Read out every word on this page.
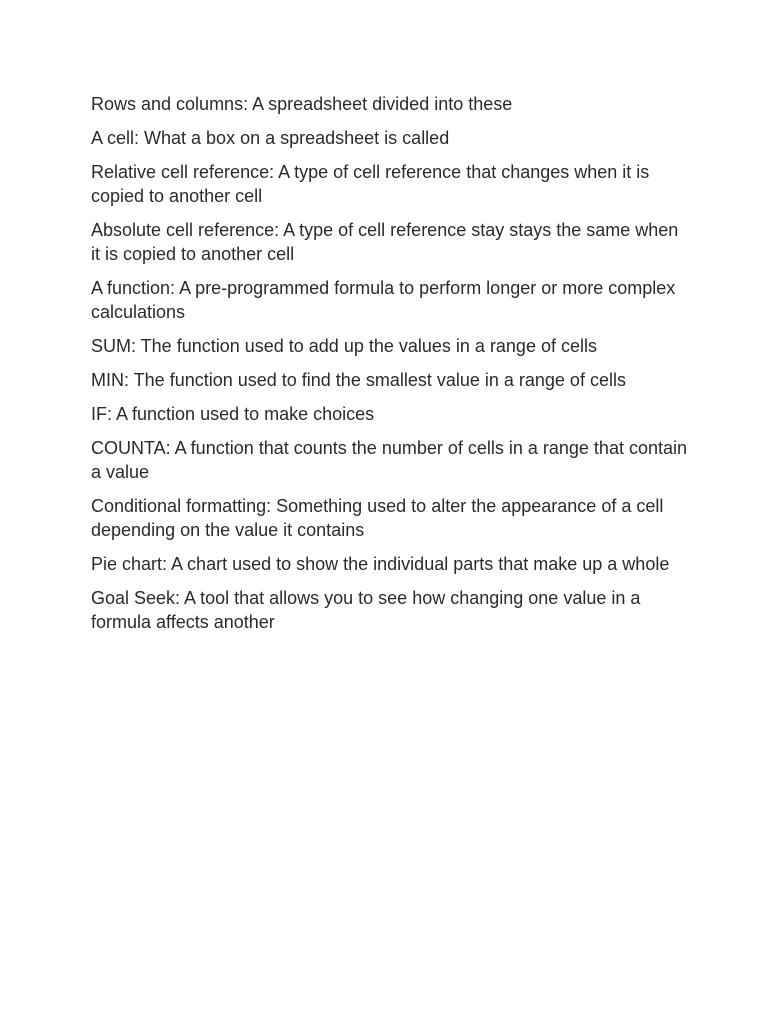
Rows and columns: A spreadsheet divided into these

A cell: What a box on a spreadsheet is called

Relative cell reference: A type of cell reference that changes when it is copied to another cell

Absolute cell reference: A type of cell reference stay stays the same when it is copied to another cell

A function: A pre-programmed formula to perform longer or more complex calculations

SUM: The function used to add up the values in a range of cells

MIN: The function used to find the smallest value in a range of cells

IF: A function used to make choices

COUNTA: A function that counts the number of cells in a range that contain a value

Conditional formatting: Something used to alter the appearance of a cell depending on the value it contains

Pie chart: A chart used to show the individual parts that make up a whole

Goal Seek: A tool that allows you to see how changing one value in a formula affects another
